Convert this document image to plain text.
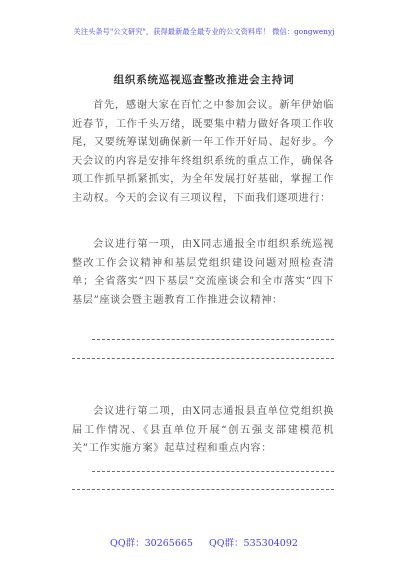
关注头条号"公文研究"，获得最新最全最专业的公文资料库！ 微信：gongwenyj
组织系统巡视巡查整改推进会主持词

首先，感谢大家在百忙之中参加会议。新年伊始临近春节，工作千头万绪，既要集中精力做好各项工作收尾，又要统筹谋划确保新一年工作开好局、起好步。今天会议的内容是安排年终组织系统的重点工作，确保各项工作抓早抓紧抓实，为全年发展打好基础，掌握工作主动权。今天的会议有三项议程，下面我们逐项进行：

会议进行第一项，由X同志通报全市组织系统巡视整改工作会议精神和基层党组织建设问题对照检查清单；全省落实“四下基层”交流座谈会和全市落实“四下基层”座谈会暨主题教育工作推进会议精神：

会议进行第二项，由X同志通报县直单位党组织换届工作情况、《县直单位开展“创五强支部建模范机关”工作实施方案》起草过程和重点内容：

QQ群：30265665 QQ群：535304092
